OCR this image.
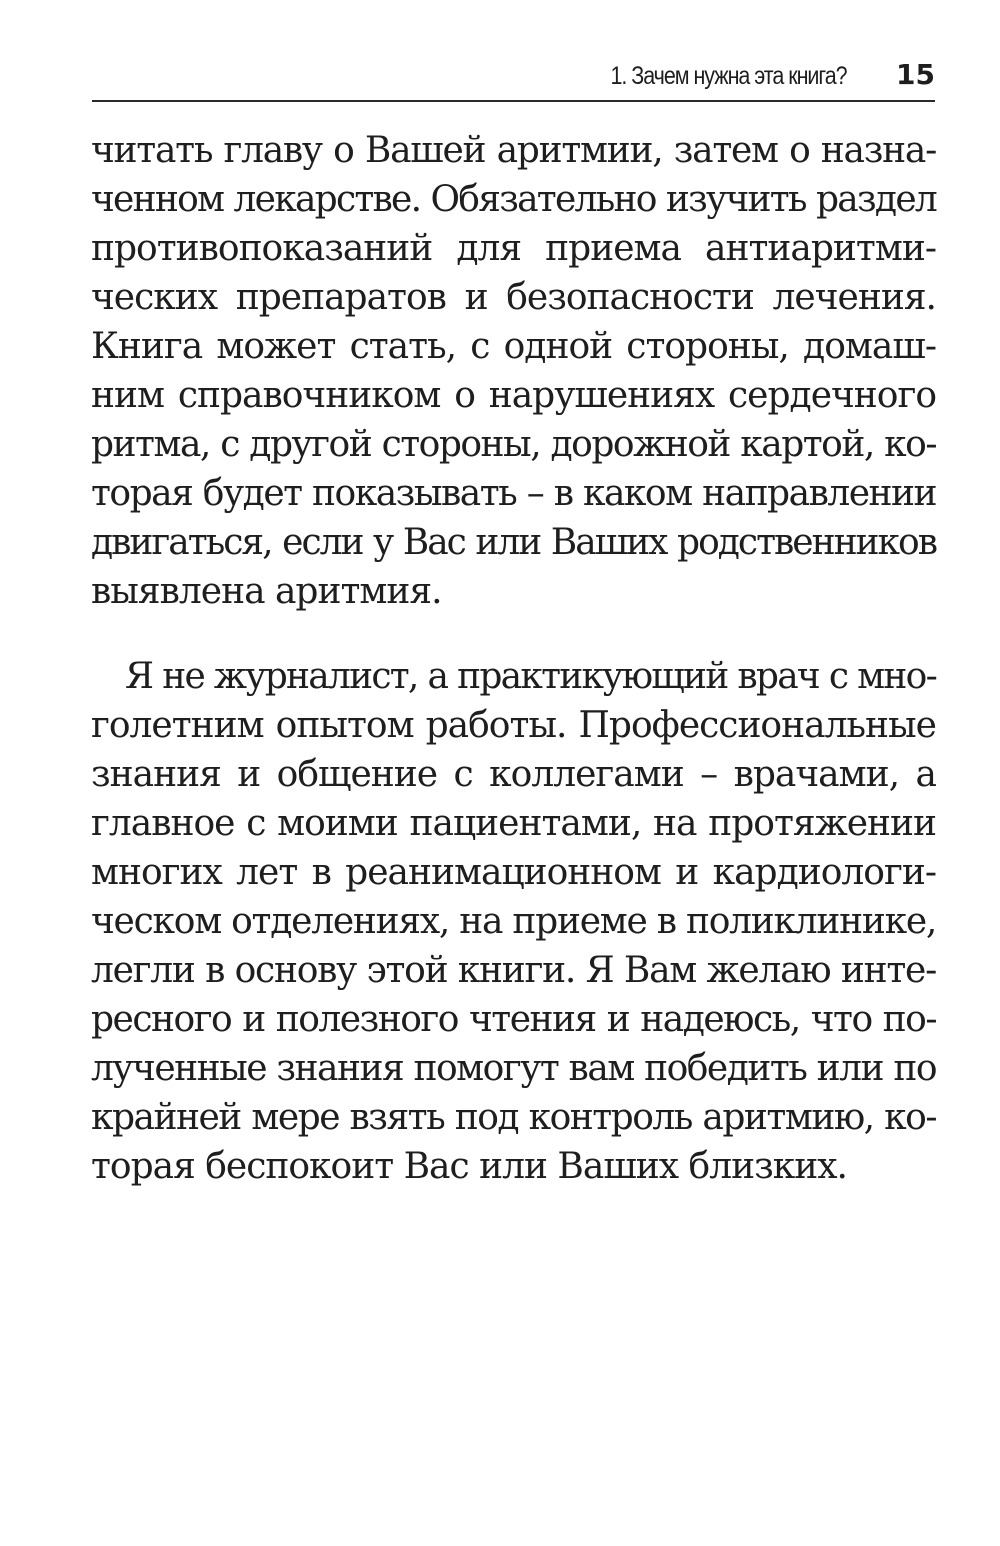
1. Зачем нужна эта книга? 15
читать главу о Вашей аритмии, затем о назна-
ченном лекарстве. Обязательно изучить раздел
противопоказаний для приема антиаритми-
ческих препаратов и безопасности лечения.
Книга может стать, с одной стороны, домаш-
ним справочником о нарушениях сердечного
ритма, с другой стороны, дорожной картой, ко-
торая будет показывать – в каком направлении
двигаться, если у Вас или Ваших родственников
выявлена аритмия.
Я не журналист, а практикующий врач с мно-
голетним опытом работы. Профессиональные
знания и общение с коллегами – врачами, а
главное с моими пациентами, на протяжении
многих лет в реанимационном и кардиологи-
ческом отделениях, на приеме в поликлинике,
легли в основу этой книги. Я Вам желаю инте-
ресного и полезного чтения и надеюсь, что по-
лученные знания помогут вам победить или по
крайней мере взять под контроль аритмию, ко-
торая беспокоит Вас или Ваших близких.
